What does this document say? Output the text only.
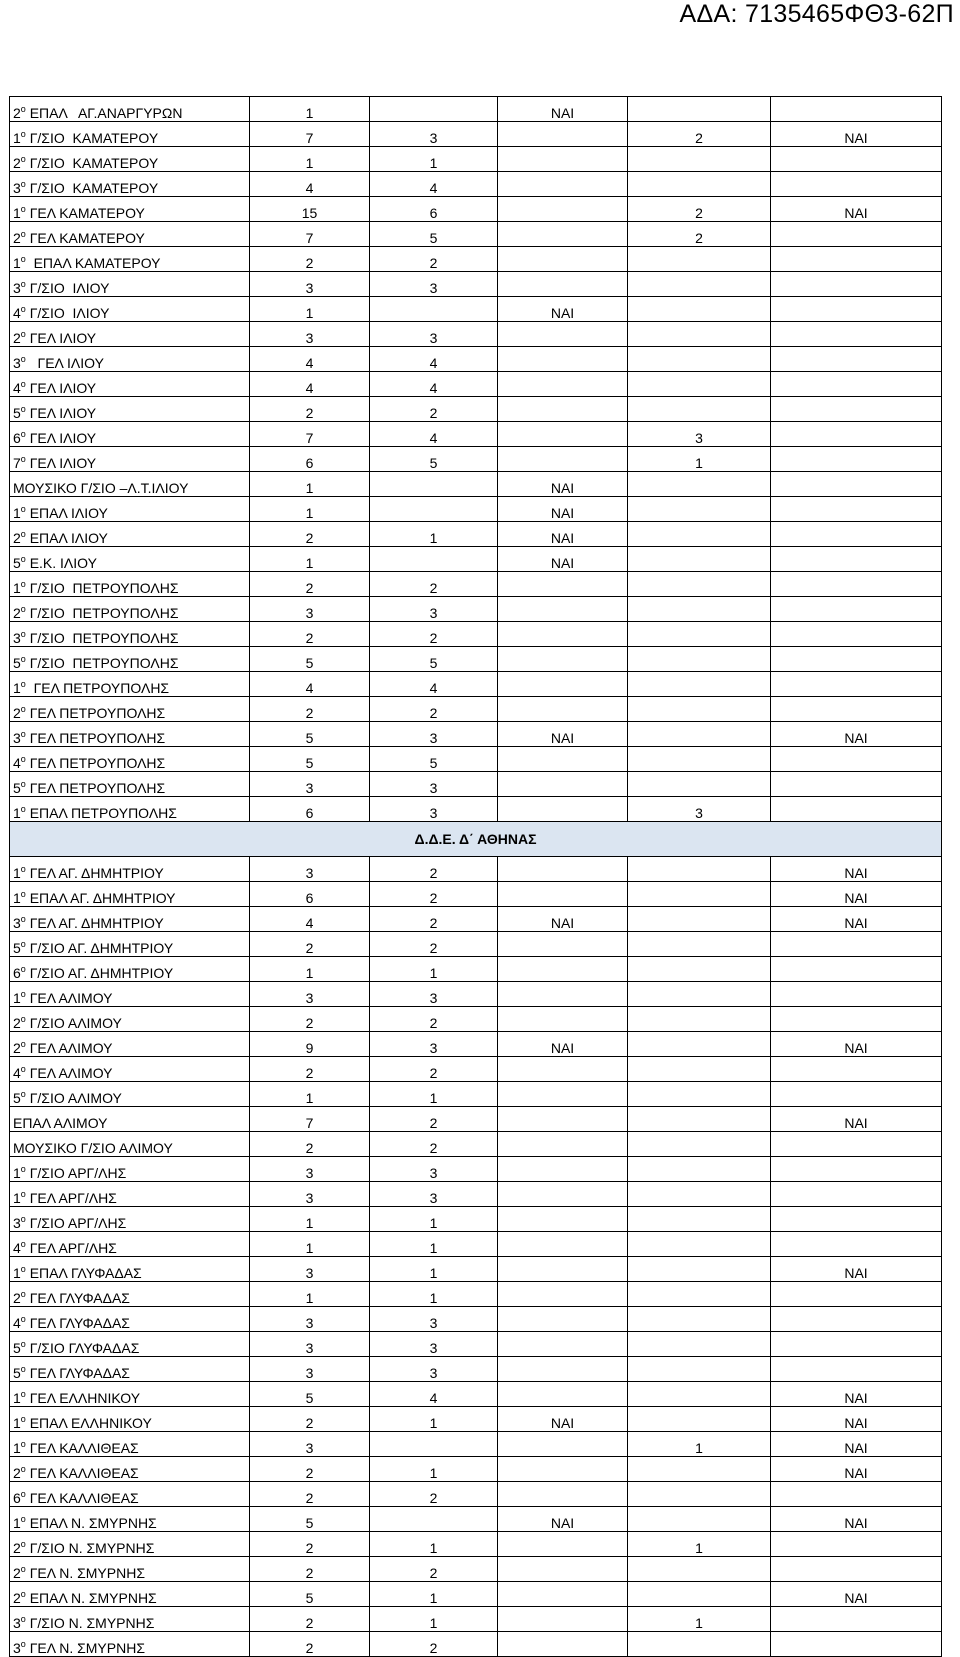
ΑΔΑ: 7135465ΦΘ3-62Π
$2^o$ ΕΠΑΛ   ΑΓ.ΑΝΑΡΓΥΡΩΝ	1		ΝΑΙ		
$1^o$ Γ/ΣΙΟ  ΚΑΜΑΤΕΡΟΥ	7	3		2	ΝΑΙ
$2^o$ Γ/ΣΙΟ  ΚΑΜΑΤΕΡΟΥ	1	1			
$3^o$ Γ/ΣΙΟ  ΚΑΜΑΤΕΡΟΥ	4	4			
$1^o$ ΓΕΛ ΚΑΜΑΤΕΡΟΥ	15	6		2	ΝΑΙ
$2^o$ ΓΕΛ ΚΑΜΑΤΕΡΟΥ	7	5		2	
$1^o$  ΕΠΑΛ ΚΑΜΑΤΕΡΟΥ	2	2			
$3^o$ Γ/ΣΙΟ  ΙΛΙΟΥ	3	3			
$4^o$ Γ/ΣΙΟ  ΙΛΙΟΥ	1		ΝΑΙ		
$2^o$ ΓΕΛ ΙΛΙΟΥ	3	3			
$3^o$   ΓΕΛ ΙΛΙΟΥ	4	4			
$4^o$ ΓΕΛ ΙΛΙΟΥ	4	4			
$5^o$ ΓΕΛ ΙΛΙΟΥ	2	2			
$6^o$ ΓΕΛ ΙΛΙΟΥ	7	4		3	
$7^o$ ΓΕΛ ΙΛΙΟΥ	6	5		1	
ΜΟΥΣΙΚΟ Γ/ΣΙΟ –Λ.Τ.ΙΛΙΟΥ	1		ΝΑΙ		
$1^o$ ΕΠΑΛ ΙΛΙΟΥ	1		ΝΑΙ		
$2^o$ ΕΠΑΛ ΙΛΙΟΥ	2	1	ΝΑΙ		
$5^o$ Ε.Κ. ΙΛΙΟΥ	1		ΝΑΙ		
$1^o$ Γ/ΣΙΟ  ΠΕΤΡΟΥΠΟΛΗΣ	2	2			
$2^o$ Γ/ΣΙΟ  ΠΕΤΡΟΥΠΟΛΗΣ	3	3			
$3^o$ Γ/ΣΙΟ  ΠΕΤΡΟΥΠΟΛΗΣ	2	2			
$5^o$ Γ/ΣΙΟ  ΠΕΤΡΟΥΠΟΛΗΣ	5	5			
$1^o$  ΓΕΛ ΠΕΤΡΟΥΠΟΛΗΣ	4	4			
$2^o$ ΓΕΛ ΠΕΤΡΟΥΠΟΛΗΣ	2	2			
$3^o$ ΓΕΛ ΠΕΤΡΟΥΠΟΛΗΣ	5	3	ΝΑΙ		ΝΑΙ
$4^o$ ΓΕΛ ΠΕΤΡΟΥΠΟΛΗΣ	5	5			
$5^o$ ΓΕΛ ΠΕΤΡΟΥΠΟΛΗΣ	3	3			
$1^o$ ΕΠΑΛ ΠΕΤΡΟΥΠΟΛΗΣ	6	3		3	
Δ.Δ.Ε. Δ΄ ΑΘΗΝΑΣ					
$1^o$ ΓΕΛ ΑΓ. ΔΗΜΗΤΡΙΟΥ	3	2			ΝΑΙ
$1^o$ ΕΠΑΛ ΑΓ. ΔΗΜΗΤΡΙΟΥ	6	2			ΝΑΙ
$3^o$ ΓΕΛ ΑΓ. ΔΗΜΗΤΡΙΟΥ	4	2	ΝΑΙ		ΝΑΙ
$5^o$ Γ/ΣΙΟ ΑΓ. ΔΗΜΗΤΡΙΟΥ	2	2			
$6^o$ Γ/ΣΙΟ ΑΓ. ΔΗΜΗΤΡΙΟΥ	1	1			
$1^o$ ΓΕΛ ΑΛΙΜΟΥ	3	3			
$2^o$ Γ/ΣΙΟ ΑΛΙΜΟΥ	2	2			
$2^o$ ΓΕΛ ΑΛΙΜΟΥ	9	3	ΝΑΙ		ΝΑΙ
$4^o$ ΓΕΛ ΑΛΙΜΟΥ	2	2			
$5^o$ Γ/ΣΙΟ ΑΛΙΜΟΥ	1	1			
ΕΠΑΛ ΑΛΙΜΟΥ	7	2			ΝΑΙ
ΜΟΥΣΙΚΟ Γ/ΣΙΟ ΑΛΙΜΟΥ	2	2			
$1^o$ Γ/ΣΙΟ ΑΡΓ/ΛΗΣ	3	3			
$1^o$ ΓΕΛ ΑΡΓ/ΛΗΣ	3	3			
$3^o$ Γ/ΣΙΟ ΑΡΓ/ΛΗΣ	1	1			
$4^o$ ΓΕΛ ΑΡΓ/ΛΗΣ	1	1			
$1^o$ ΕΠΑΛ ΓΛΥΦΑΔΑΣ	3	1			ΝΑΙ
$2^o$ ΓΕΛ ΓΛΥΦΑΔΑΣ	1	1			
$4^o$ ΓΕΛ ΓΛΥΦΑΔΑΣ	3	3			
$5^o$ Γ/ΣΙΟ ΓΛΥΦΑΔΑΣ	3	3			
$5^o$ ΓΕΛ ΓΛΥΦΑΔΑΣ	3	3			
$1^o$ ΓΕΛ ΕΛΛΗΝΙΚΟΥ	5	4			ΝΑΙ
$1^o$ ΕΠΑΛ ΕΛΛΗΝΙΚΟΥ	2	1	ΝΑΙ		ΝΑΙ
$1^o$ ΓΕΛ ΚΑΛΛΙΘΕΑΣ	3			1	ΝΑΙ
$2^o$ ΓΕΛ ΚΑΛΛΙΘΕΑΣ	2	1			ΝΑΙ
$6^o$ ΓΕΛ ΚΑΛΛΙΘΕΑΣ	2	2			
$1^o$ ΕΠΑΛ Ν. ΣΜΥΡΝΗΣ	5		ΝΑΙ		ΝΑΙ
$2^o$ Γ/ΣΙΟ Ν. ΣΜΥΡΝΗΣ	2	1		1	
$2^o$ ΓΕΛ Ν. ΣΜΥΡΝΗΣ	2	2			
$2^o$ ΕΠΑΛ Ν. ΣΜΥΡΝΗΣ	5	1			ΝΑΙ
$3^o$ Γ/ΣΙΟ Ν. ΣΜΥΡΝΗΣ	2	1		1	
$3^o$ ΓΕΛ Ν. ΣΜΥΡΝΗΣ	2	2			
